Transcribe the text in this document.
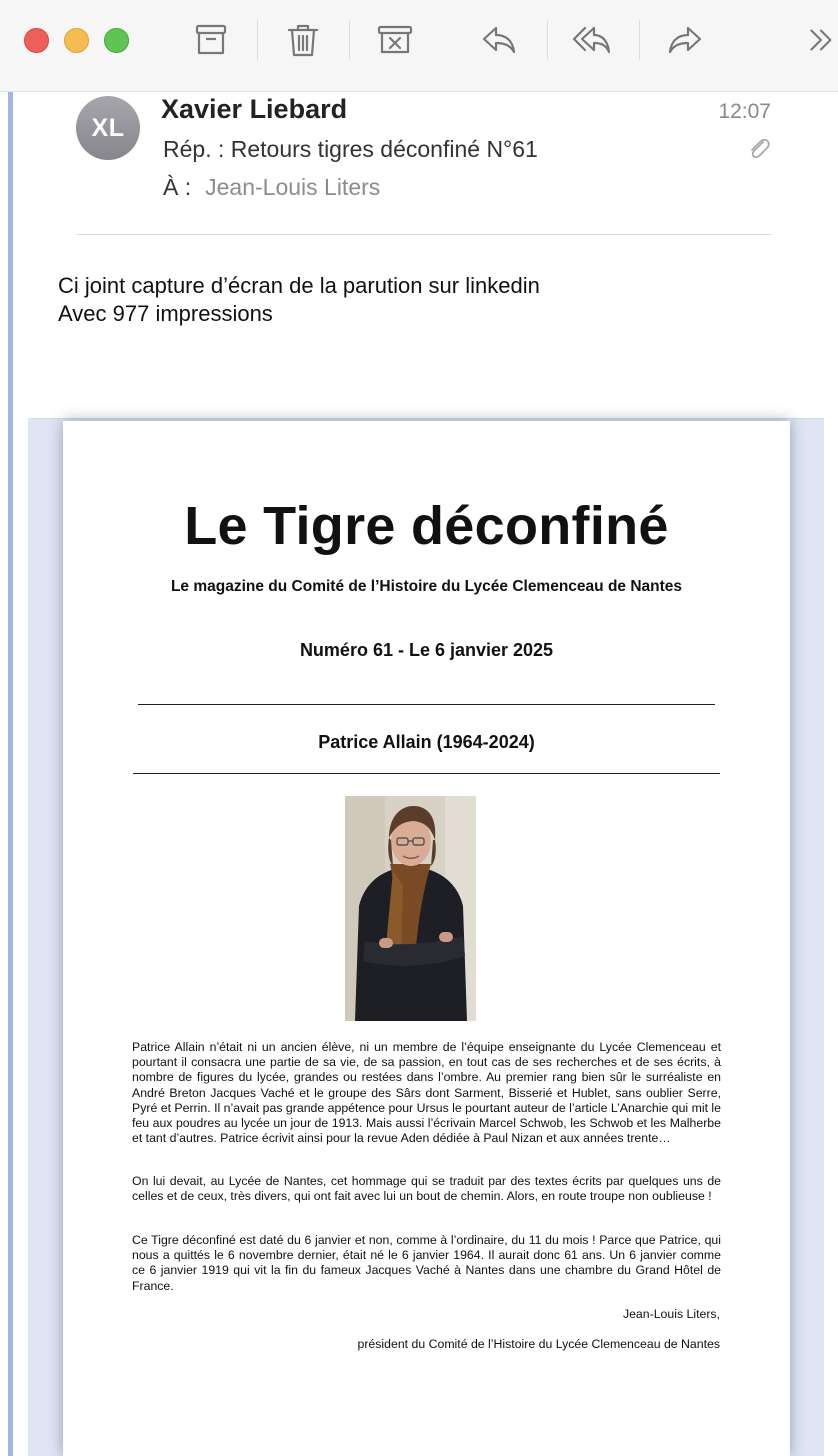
XL
Xavier Liebard	12:07
Rép. : Retours tigres déconfiné N°61
À : Jean-Louis Liters
Ci joint capture d’écran de la parution sur linkedin
Avec 977 impressions
Le Tigre déconfiné
Le magazine du Comité de l’Histoire du Lycée Clemenceau de Nantes
Numéro 61 - Le 6 janvier 2025
Patrice Allain (1964-2024)
Patrice Allain n’était ni un ancien élève, ni un membre de l’équipe enseignante du Lycée Clemenceau et pourtant il consacra une partie de sa vie, de sa passion, en tout cas de ses recherches et de ses écrits, à nombre de figures du lycée, grandes ou restées dans l’ombre. Au premier rang bien sûr le surréaliste en André Breton Jacques Vaché et le groupe des Sârs dont Sarment, Bisserié et Hublet, sans oublier Serre, Pyré et Perrin. Il n’avait pas grande appétence pour Ursus le pourtant auteur de l’article L’Anarchie qui mit le feu aux poudres au lycée un jour de 1913. Mais aussi l’écrivain Marcel Schwob, les Schwob et les Malherbe et tant d’autres. Patrice écrivit ainsi pour la revue Aden dédiée à Paul Nizan et aux années trente…
On lui devait, au Lycée de Nantes, cet hommage qui se traduit par des textes écrits par quelques uns de celles et de ceux, très divers, qui ont fait avec lui un bout de chemin. Alors, en route troupe non oublieuse !
Ce Tigre déconfiné est daté du 6 janvier et non, comme à l’ordinaire, du 11 du mois ! Parce que Patrice, qui nous a quittés le 6 novembre dernier, était né le 6 janvier 1964. Il aurait donc 61 ans. Un 6 janvier comme ce 6 janvier 1919 qui vit la fin du fameux Jacques Vaché à Nantes dans une chambre du Grand Hôtel de France.
Jean-Louis Liters,
président du Comité de l’Histoire du Lycée Clemenceau de Nantes
